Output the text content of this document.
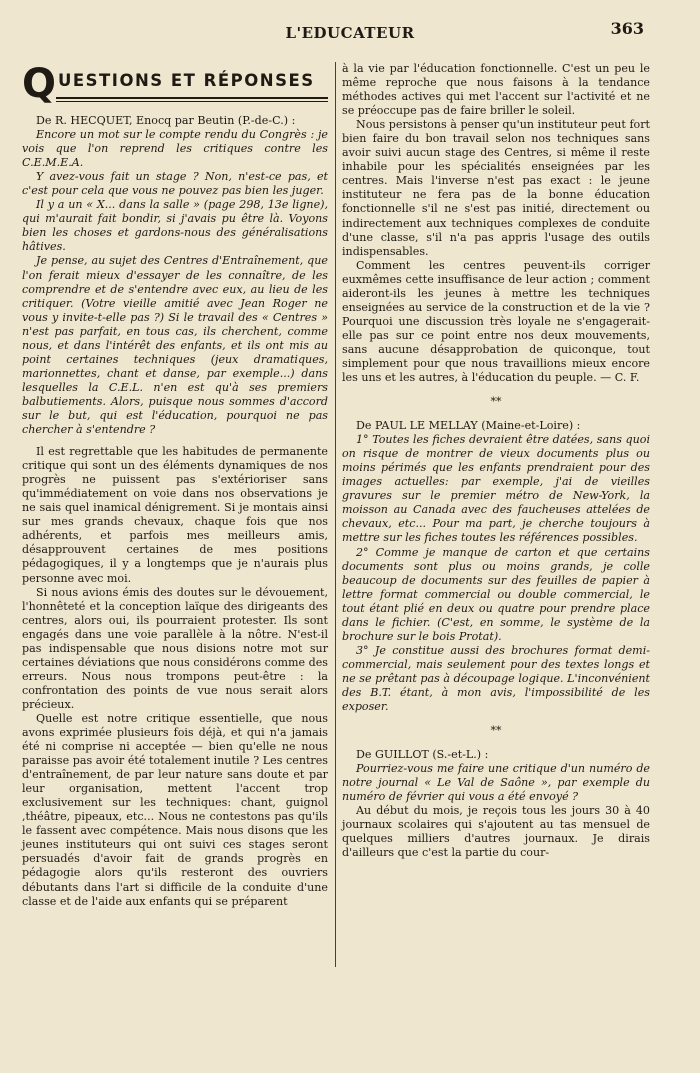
L'EDUCATEUR	363
Q UESTIONS ET RÉPONSES

De R. HECQUET, Enocq par Beutin (P.-de-C.) :

Encore un mot sur le compte rendu du Congrès : je vois que l'on reprend les critiques contre les C.E.M.E.A.

Y avez-vous fait un stage ? Non, n'est-ce pas, et c'est pour cela que vous ne pouvez pas bien les juger.

Il y a un « X... dans la salle » (page 298, 13e ligne), qui m'aurait fait bondir, si j'avais pu être là. Voyons bien les choses et gardons-nous des généralisations hâtives.

Je pense, au sujet des Centres d'Entraînement, que l'on ferait mieux d'essayer de les connaître, de les comprendre et de s'entendre avec eux, au lieu de les critiquer. (Votre vieille amitié avec Jean Roger ne vous y invite-t-elle pas ?) Si le travail des « Centres » n'est pas parfait, en tous cas, ils cherchent, comme nous, et dans l'intérêt des enfants, et ils ont mis au point certaines techniques (jeux dramatiques, marionnettes, chant et danse, par exemple...) dans lesquelles la C.E.L. n'en est qu'à ses premiers balbutiements. Alors, puisque nous sommes d'accord sur le but, qui est l'éducation, pourquoi ne pas chercher à s'entendre ?

Il est regrettable que les habitudes de permanente critique qui sont un des éléments dynamiques de nos progrès ne puissent pas s'extérioriser sans qu'immédiatement on voie dans nos observations je ne sais quel inamical dénigrement. Si je montais ainsi sur mes grands chevaux, chaque fois que nos adhérents, et parfois mes meilleurs amis, désapprouvent certaines de mes positions pédagogiques, il y a longtemps que je n'aurais plus personne avec moi.

Si nous avions émis des doutes sur le dévouement, l'honnêteté et la conception laïque des dirigeants des centres, alors oui, ils pourraient protester. Ils sont engagés dans une voie parallèle à la nôtre. N'est-il pas indispensable que nous disions notre mot sur certaines déviations que nous considérons comme des erreurs. Nous nous trompons peut-être : la confrontation des points de vue nous serait alors précieux.

Quelle est notre critique essentielle, que nous avons exprimée plusieurs fois déjà, et qui n'a jamais été ni comprise ni acceptée — bien qu'elle ne nous paraisse pas avoir été totalement inutile ? Les centres d'entraînement, de par leur nature sans doute et par leur organisation, mettent l'accent trop exclusivement sur les techniques: chant, guignol ,théâtre, pipeaux, etc... Nous ne contestons pas qu'ils le fassent avec compétence. Mais nous disons que les jeunes instituteurs qui ont suivi ces stages seront persuadés d'avoir fait de grands progrès en pédagogie alors qu'ils resteront des ouvriers débutants dans l'art si difficile de la conduite d'une classe et de l'aide aux enfants qui se préparent

à la vie par l'éducation fonctionnelle. C'est un peu le même reproche que nous faisons à la tendance méthodes actives qui met l'accent sur l'activité et ne se préoccupe pas de faire briller le soleil.

Nous persistons à penser qu'un instituteur peut fort bien faire du bon travail selon nos techniques sans avoir suivi aucun stage des Centres, si même il reste inhabile pour les spécialités enseignées par les centres. Mais l'inverse n'est pas exact : le jeune instituteur ne fera pas de la bonne éducation fonctionnelle s'il ne s'est pas initié, directement ou indirectement aux techniques complexes de conduite d'une classe, s'il n'a pas appris l'usage des outils indispensables.

Comment les centres peuvent-ils corriger euxmêmes cette insuffisance de leur action ; comment aideront-ils les jeunes à mettre les techniques enseignées au service de la construction et de la vie ? Pourquoi une discussion très loyale ne s'engagerait-elle pas sur ce point entre nos deux mouvements, sans aucune désapprobation de quiconque, tout simplement pour que nous travaillions mieux encore les uns et les autres, à l'éducation du peuple. — C. F.

**

De PAUL LE MELLAY (Maine-et-Loire) :

1° Toutes les fiches devraient être datées, sans quoi on risque de montrer de vieux documents plus ou moins périmés que les enfants prendraient pour des images actuelles: par exemple, j'ai de vieilles gravures sur le premier métro de New-York, la moisson au Canada avec des faucheuses attelées de chevaux, etc... Pour ma part, je cherche toujours à mettre sur les fiches toutes les références possibles.

2° Comme je manque de carton et que certains documents sont plus ou moins grands, je colle beaucoup de documents sur des feuilles de papier à lettre format commercial ou double commercial, le tout étant plié en deux ou quatre pour prendre place dans le fichier. (C'est, en somme, le système de la brochure sur le bois Protat).

3° Je constitue aussi des brochures format demi-commercial, mais seulement pour des textes longs et ne se prêtant pas à découpage logique. L'inconvénient des B.T. étant, à mon avis, l'impossibilité de les exposer.

**

De GUILLOT (S.-et-L.) :

Pourriez-vous me faire une critique d'un numéro de notre journal « Le Val de Saône », par exemple du numéro de février qui vous a été envoyé ?

Au début du mois, je reçois tous les jours 30 à 40 journaux scolaires qui s'ajoutent au tas mensuel de quelques milliers d'autres journaux. Je dirais d'ailleurs que c'est la partie du cour-
